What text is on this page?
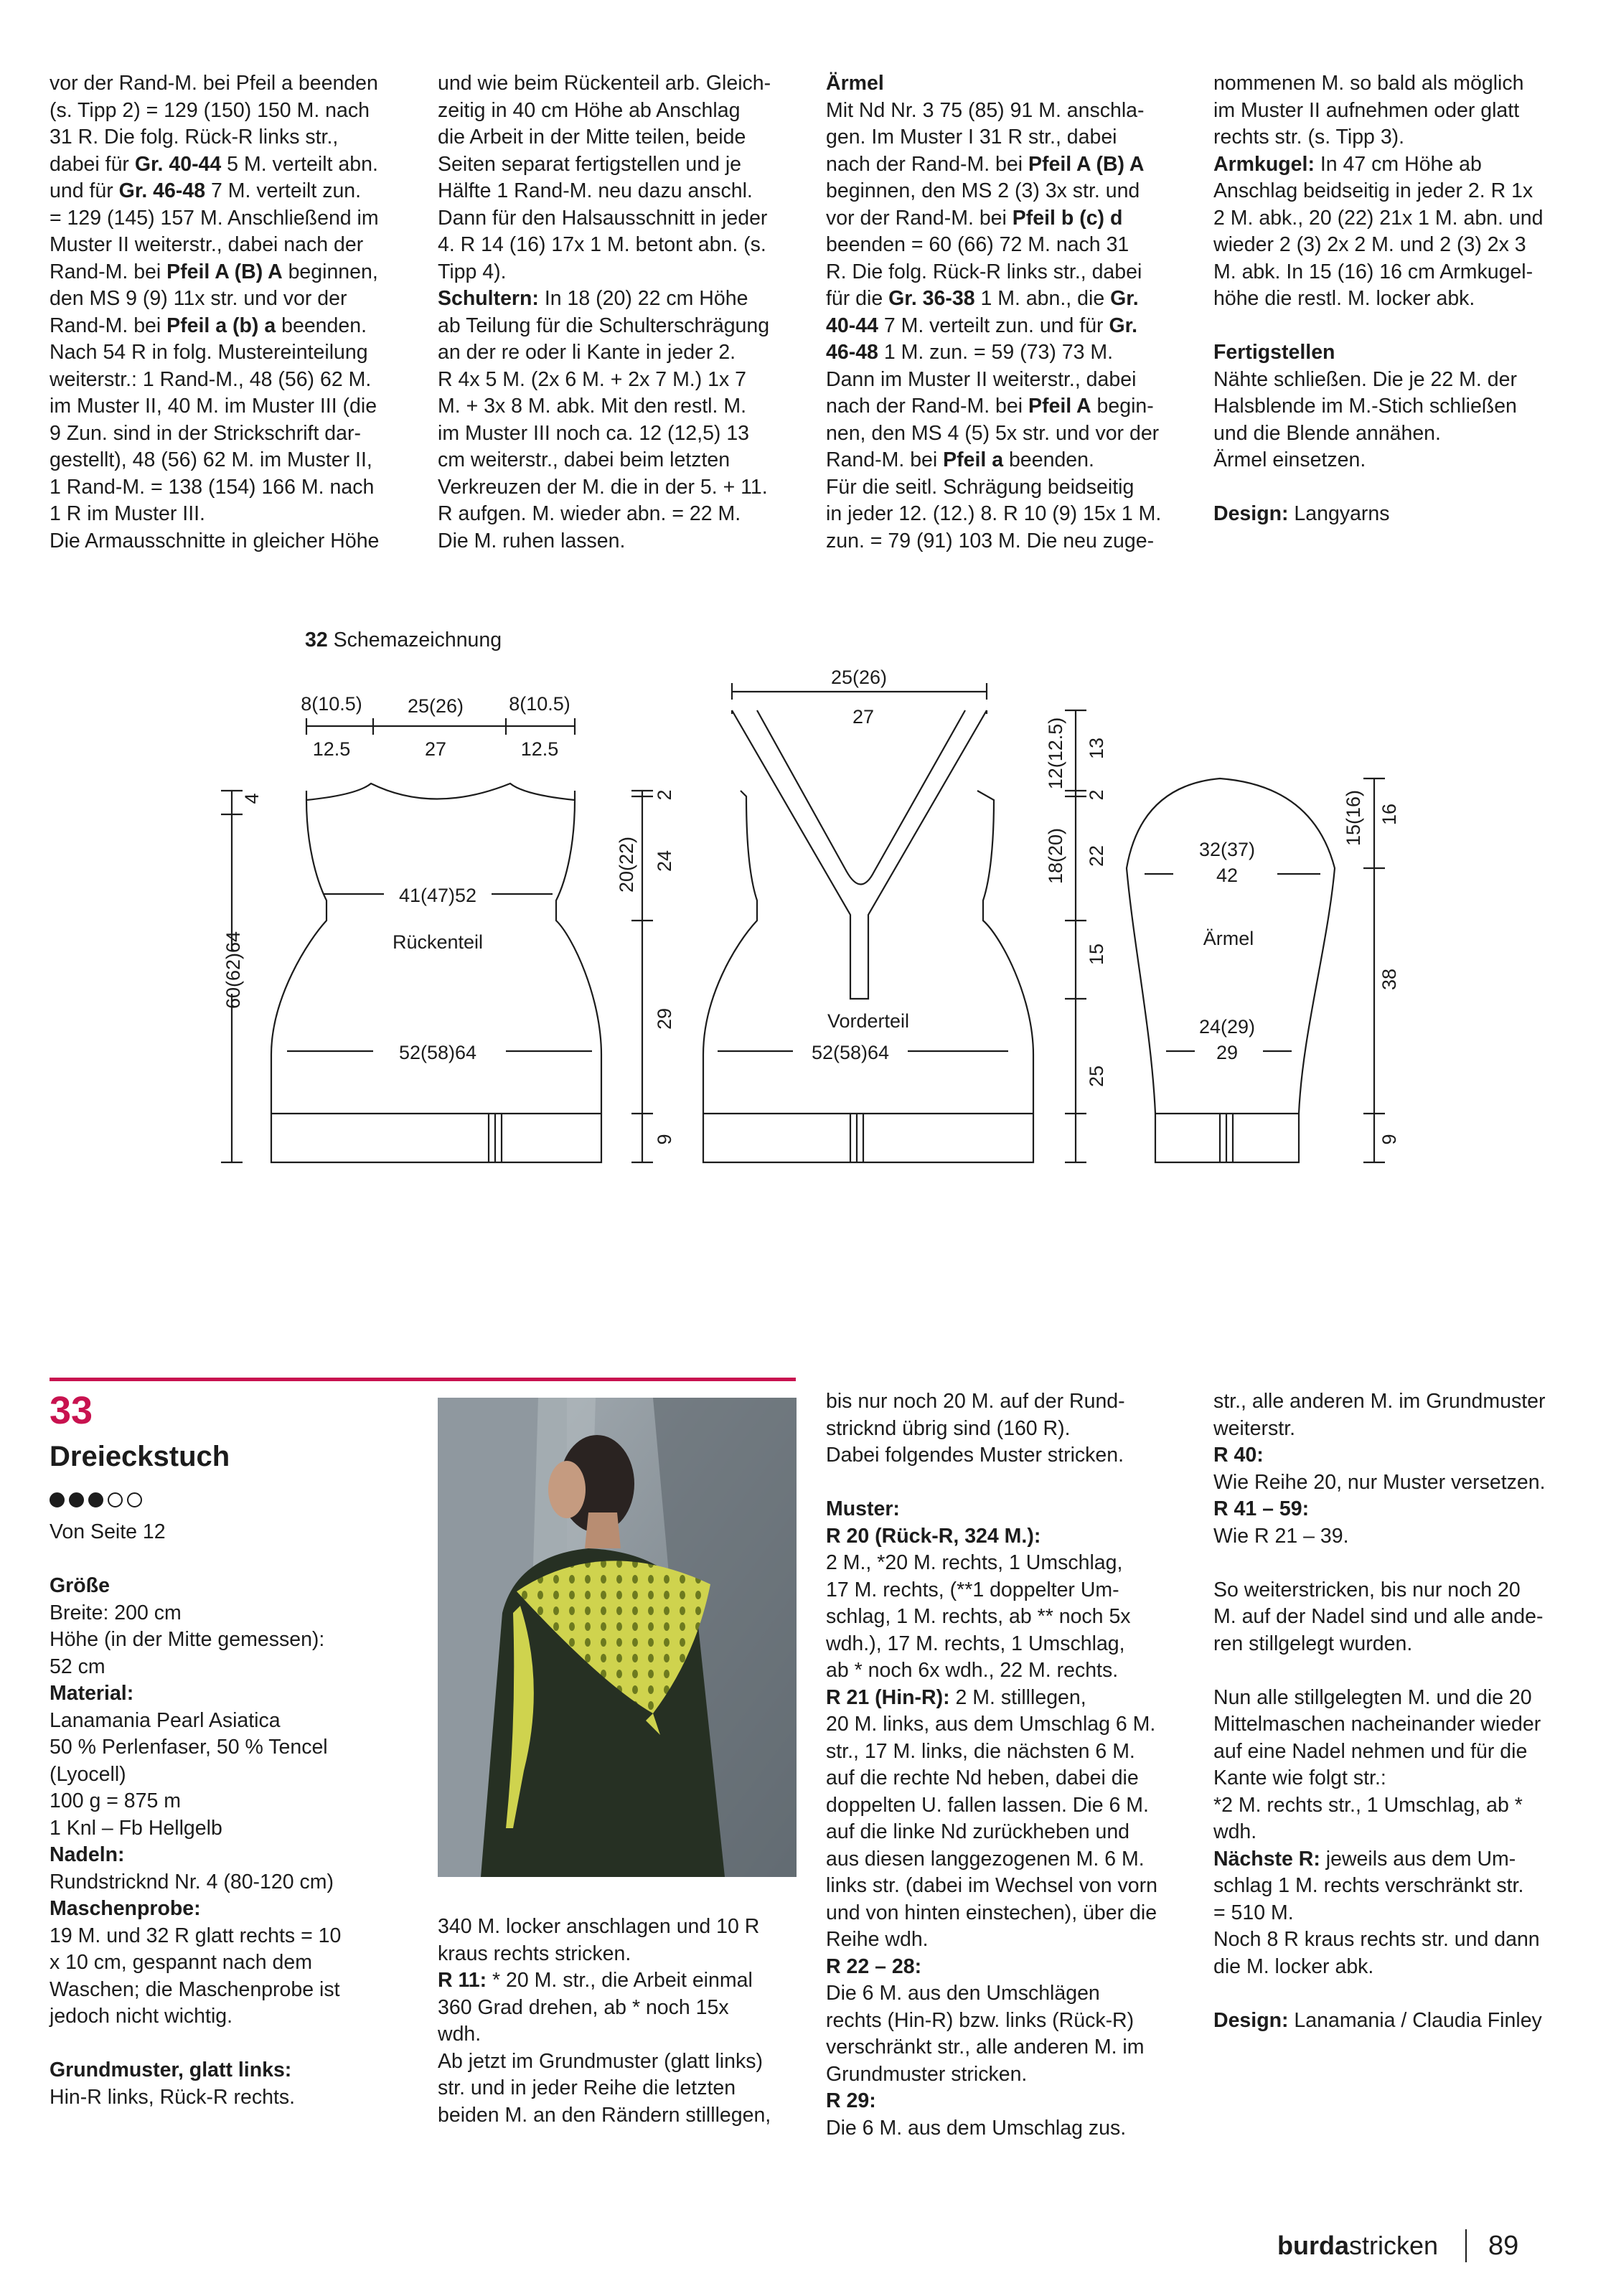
vor der Rand-M. bei Pfeil a beenden

(s. Tipp 2) = 129 (150) 150 M. nach

31 R. Die folg. Rück-R links str.,

dabei für Gr. 40-44 5 M. verteilt abn.

und für Gr. 46-48 7 M. verteilt zun.

= 129 (145) 157 M. Anschließend im

Muster II weiterstr., dabei nach der

Rand-M. bei Pfeil A (B) A beginnen,

den MS 9 (9) 11x str. und vor der

Rand-M. bei Pfeil a (b) a beenden.

Nach 54 R in folg. Mustereinteilung

weiterstr.: 1 Rand-M., 48 (56) 62 M.

im Muster II, 40 M. im Muster III (die

9 Zun. sind in der Strickschrift dar-

gestellt), 48 (56) 62 M. im Muster II,

1 Rand-M. = 138 (154) 166 M. nach

1 R im Muster III.

Die Armausschnitte in gleicher Höhe

und wie beim Rückenteil arb. Gleich-

zeitig in 40 cm Höhe ab Anschlag

die Arbeit in der Mitte teilen, beide

Seiten separat fertigstellen und je

Hälfte 1 Rand-M. neu dazu anschl.

Dann für den Halsausschnitt in jeder

4. R 14 (16) 17x 1 M. betont abn. (s.

Tipp 4).

Schultern: In 18 (20) 22 cm Höhe

ab Teilung für die Schulterschrägung

an der re oder li Kante in jeder 2.

R 4x 5 M. (2x 6 M. + 2x 7 M.) 1x 7

M. + 3x 8 M. abk. Mit den restl. M.

im Muster III noch ca. 12 (12,5) 13

cm weiterstr., dabei beim letzten

Verkreuzen der M. die in der 5. + 11.

R aufgen. M. wieder abn. = 22 M.

Die M. ruhen lassen.

Ärmel

Mit Nd Nr. 3 75 (85) 91 M. anschla-

gen. Im Muster I 31 R str., dabei

nach der Rand-M. bei Pfeil A (B) A

beginnen, den MS 2 (3) 3x str. und

vor der Rand-M. bei Pfeil b (c) d

beenden = 60 (66) 72 M. nach 31

R. Die folg. Rück-R links str., dabei

für die Gr. 36-38 1 M. abn., die Gr.

40-44 7 M. verteilt zun. und für Gr.

46-48 1 M. zun. = 59 (73) 73 M.

Dann im Muster II weiterstr., dabei

nach der Rand-M. bei Pfeil A begin-

nen, den MS 4 (5) 5x str. und vor der

Rand-M. bei Pfeil a beenden.

Für die seitl. Schrägung beidseitig

in jeder 12. (12.) 8. R 10 (9) 15x 1 M.

zun. = 79 (91) 103 M. Die neu zuge-

nommenen M. so bald als möglich

im Muster II aufnehmen oder glatt

rechts str. (s. Tipp 3).

Armkugel: In 47 cm Höhe ab

Anschlag beidseitig in jeder 2. R 1x

2 M. abk., 20 (22) 21x 1 M. abn. und

wieder 2 (3) 2x 2 M. und 2 (3) 2x 3

M. abk. In 15 (16) 16 cm Armkugel-

höhe die restl. M. locker abk.

Fertigstellen

Nähte schließen. Die je 22 M. der

Halsblende im M.-Stich schließen

und die Blende annähen.

Ärmel einsetzen.

Design: Langyarns

32 Schemazeichnung
8(10.5) 25(26) 8(10.5)
12.5	27	12.5
41(47)52
Rückenteil
52(58)64
60(62)64
4
20(22)
2
24
29
9
25(26)
27
Vorderteil
52(58)64
12(12.5) 13
2
18(20) 22
15
25
32(37)
42
Ärmel
24(29)
29
15(16) 16
38
9
33
Dreieckstuch

Von Seite 12

Größe

Breite: 200 cm

Höhe (in der Mitte gemessen):

52 cm

Material:

Lanamania Pearl Asiatica

50 % Perlenfaser, 50 % Tencel

(Lyocell)

100 g = 875 m

1 Knl – Fb Hellgelb

Nadeln:

Rundstricknd Nr. 4 (80-120 cm)

Maschenprobe:

19 M. und 32 R glatt rechts = 10

x 10 cm, gespannt nach dem

Waschen; die Maschenprobe ist

jedoch nicht wichtig.

Grundmuster, glatt links:

Hin-R links, Rück-R rechts.

340 M. locker anschlagen und 10 R

kraus rechts stricken.

R 11: * 20 M. str., die Arbeit einmal

360 Grad drehen, ab * noch 15x

wdh.

Ab jetzt im Grundmuster (glatt links)

str. und in jeder Reihe die letzten

beiden M. an den Rändern stilllegen,

bis nur noch 20 M. auf der Rund-

stricknd übrig sind (160 R).

Dabei folgendes Muster stricken.

Muster:

R 20 (Rück-R, 324 M.):

2 M., *20 M. rechts, 1 Umschlag,

17 M. rechts, (**1 doppelter Um-

schlag, 1 M. rechts, ab ** noch 5x

wdh.), 17 M. rechts, 1 Umschlag,

ab * noch 6x wdh., 22 M. rechts.

R 21 (Hin-R): 2 M. stilllegen,

20 M. links, aus dem Umschlag 6 M.

str., 17 M. links, die nächsten 6 M.

auf die rechte Nd heben, dabei die

doppelten U. fallen lassen. Die 6 M.

auf die linke Nd zurückheben und

aus diesen langgezogenen M. 6 M.

links str. (dabei im Wechsel von vorn

und von hinten einstechen), über die

Reihe wdh.

R 22 – 28:

Die 6 M. aus den Umschlägen

rechts (Hin-R) bzw. links (Rück-R)

verschränkt str., alle anderen M. im

Grundmuster stricken.

R 29:

Die 6 M. aus dem Umschlag zus.

str., alle anderen M. im Grundmuster

weiterstr.

R 40:

Wie Reihe 20, nur Muster versetzen.

R 41 – 59:

Wie R 21 – 39.

So weiterstricken, bis nur noch 20

M. auf der Nadel sind und alle ande-

ren stillgelegt wurden.

Nun alle stillgelegten M. und die 20

Mittelmaschen nacheinander wieder

auf eine Nadel nehmen und für die

Kante wie folgt str.:

*2 M. rechts str., 1 Umschlag, ab *

wdh.

Nächste R: jeweils aus dem Um-

schlag 1 M. rechts verschränkt str.

= 510 M.

Noch 8 R kraus rechts str. und dann

die M. locker abk.

Design: Lanamania / Claudia Finley

burda stricken 89
